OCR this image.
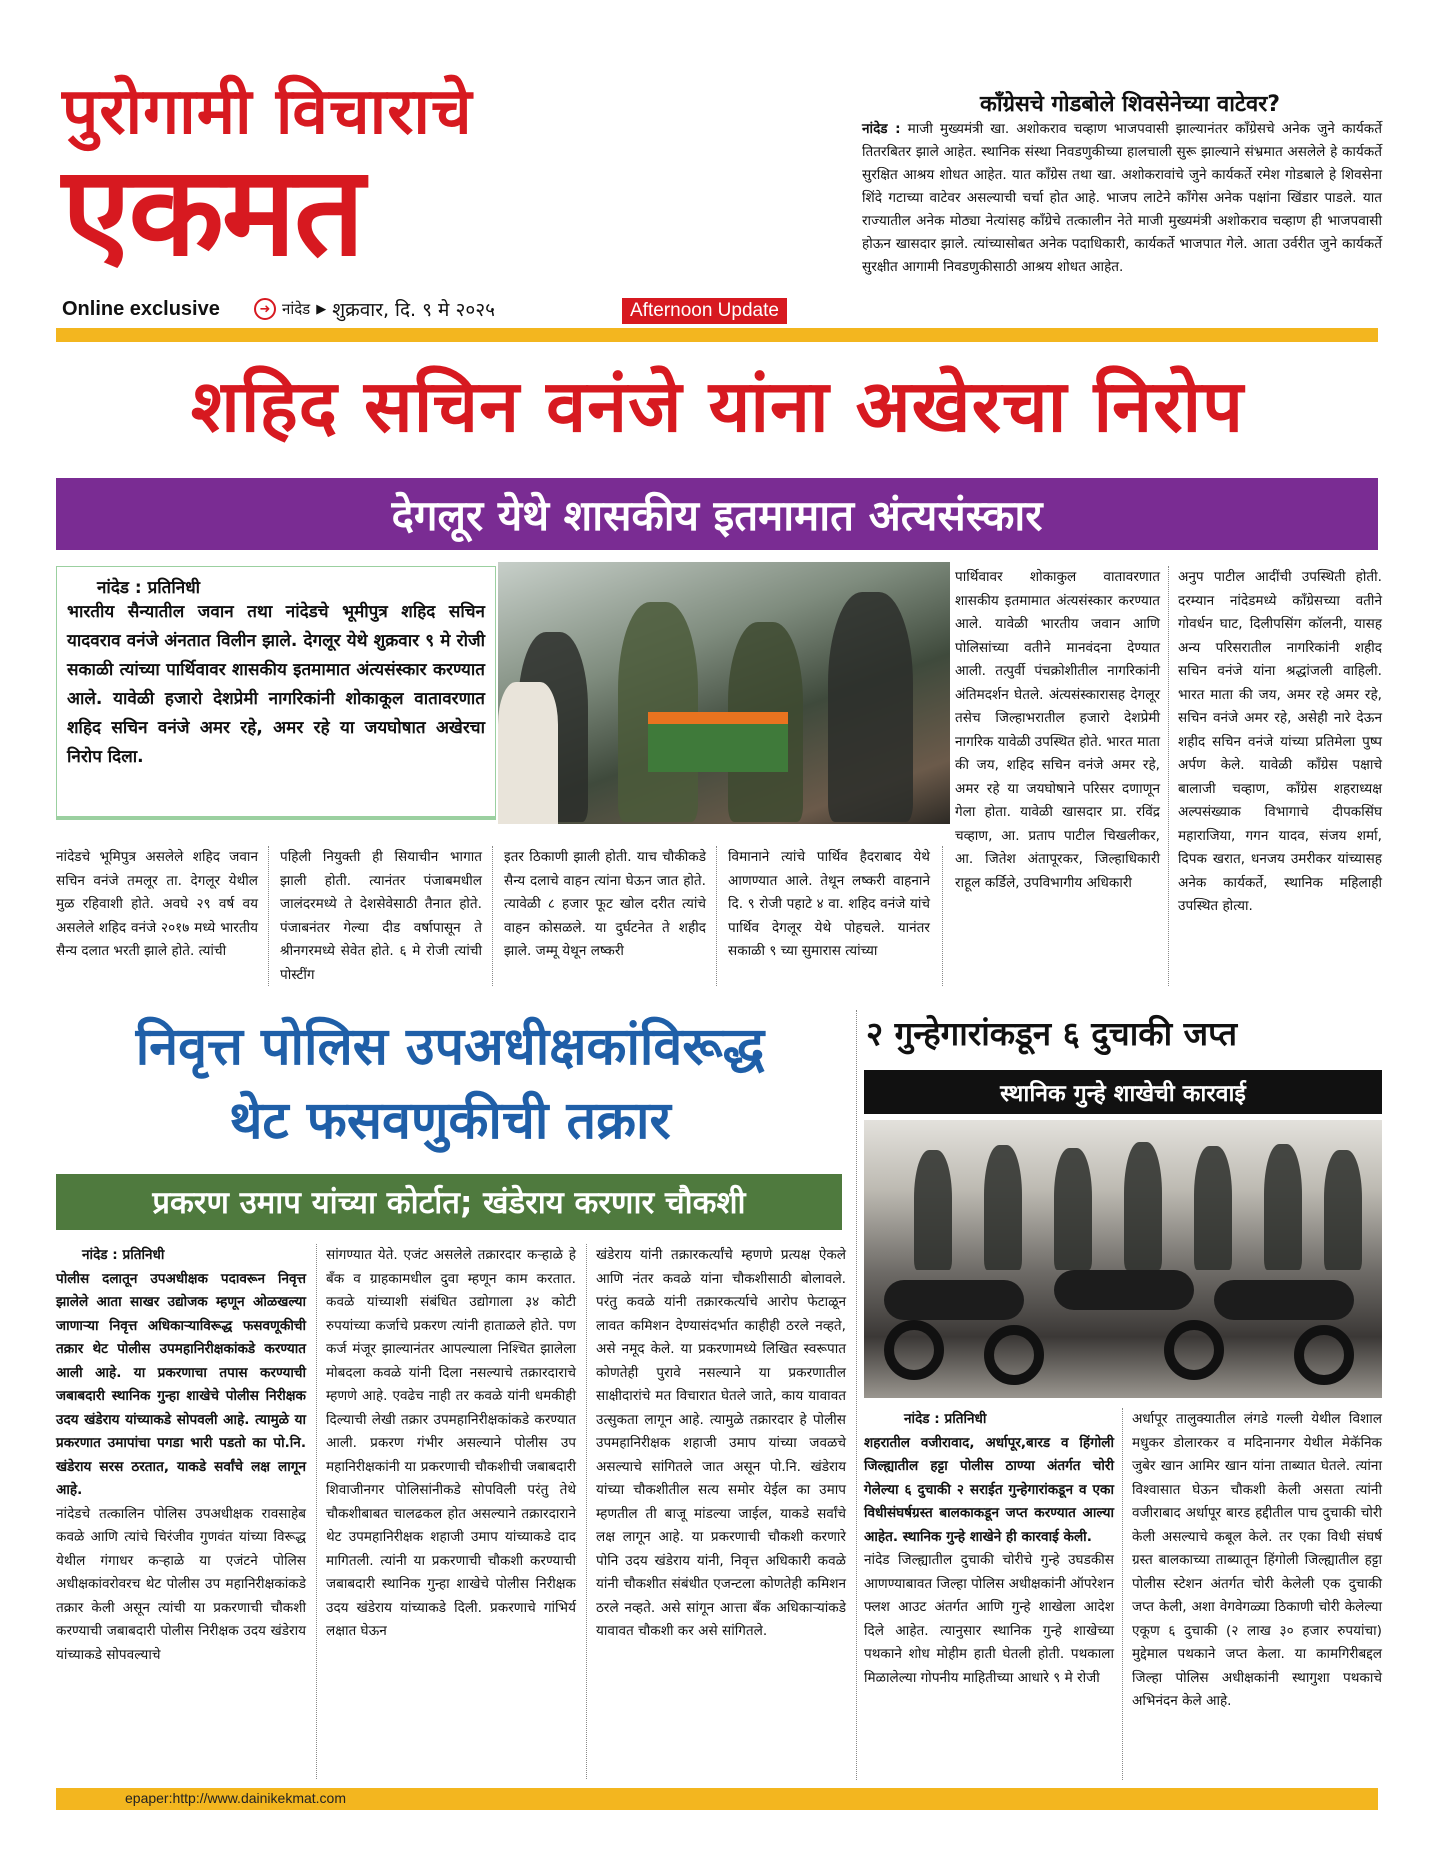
पुरोगामी विचाराचे
एकमत
Online exclusive	➜ नांदेड ▶ शुक्रवार, दि. ९ मे २०२५	Afternoon Update
काँग्रेसचे गोडबोले शिवसेनेच्या वाटेवर?
नांदेड : माजी मुख्यमंत्री खा. अशोकराव चव्हाण भाजपवासी झाल्यानंतर काँग्रेसचे अनेक जुने कार्यकर्ते तितरबितर झाले आहेत. स्थानिक संस्था निवडणुकीच्या हालचाली सुरू झाल्याने संभ्रमात असलेले हे कार्यकर्ते सुरक्षित आश्रय शोधत आहेत. यात काँग्रेस तथा खा. अशोकरावांचे जुने कार्यकर्ते रमेश गोडबाले हे शिवसेना शिंदे गटाच्या वाटेवर असल्याची चर्चा होत आहे. भाजप लाटेने काँगेस अनेक पक्षांना खिंडार पाडले. यात राज्यातील अनेक मोठ्या नेत्यांसह काँग्रेचे तत्कालीन नेते माजी मुख्यमंत्री अशोकराव चव्हाण ही भाजपवासी होऊन खासदार झाले. त्यांच्यासोबत अनेक पदाधिकारी, कार्यकर्ते भाजपात गेले. आता उर्वरीत जुने कार्यकर्ते सुरक्षीत आगामी निवडणुकीसाठी आश्रय शोधत आहेत.
शहिद सचिन वनंजे यांना अखेरचा निरोप
देगलूर येथे शासकीय इतमामात अंत्यसंस्कार
नांदेड : प्रतिनिधी
भारतीय सैन्यातील जवान तथा नांदेडचे भूमीपुत्र शहिद सचिन यादवराव वनंजे अंनतात विलीन झाले. देगलूर येथे शुक्रवार ९ मे रोजी सकाळी त्यांच्या पार्थिवावर शासकीय इतमामात अंत्यसंस्कार करण्यात आले. यावेळी हजारो देशप्रेमी नागरिकांनी शोकाकूल वातावरणात शहिद सचिन वनंजे अमर रहे, अमर रहे या जयघोषात अखेरचा निरोप दिला.
नांदेडचे भूमिपुत्र असलेले शहिद जवान सचिन वनंजे तमलूर ता. देगलूर येथील मुळ रहिवाशी होते. अवघे २९ वर्ष वय असलेले शहिद वनंजे २०१७ मध्ये भारतीय सैन्य दलात भरती झाले होते. त्यांची
पहिली नियुक्ती ही सियाचीन भागात झाली होती. त्यानंतर पंजाबमधील जालंदरमध्ये ते देशसेवेसाठी तैनात होते. पंजाबनंतर गेल्या दीड वर्षापासून ते श्रीनगरमध्ये सेवेत होते. ६ मे रोजी त्यांची पोस्टींग
इतर ठिकाणी झाली होती. याच चौकीकडे सैन्य दलाचे वाहन त्यांना घेऊन जात होते. त्यावेळी ८ हजार फूट खोल दरीत त्यांचे वाहन कोसळले. या दुर्घटनेत ते शहीद झाले. जम्मू येथून लष्करी
विमानाने त्यांचे पार्थिव हैदराबाद येथे आणण्यात आले. तेथून लष्करी वाहनाने दि. ९ रोजी पहाटे ४ वा. शहिद वनंजे यांचे पार्थिव देगलूर येथे पोहचले. यानंतर सकाळी ९ च्या सुमारास त्यांच्या
पार्थिवावर शोकाकुल वातावरणात शासकीय इतमामात अंत्यसंस्कार करण्यात आले. यावेळी भारतीय जवान आणि पोलिसांच्या वतीने मानवंदना देण्यात आली. तत्पुर्वी पंचक्रोशीतील नागरिकांनी अंतिमदर्शन घेतले. अंत्यसंस्कारासह देगलूर तसेच जिल्हाभरातील हजारो देशप्रेमी नागरिक यावेळी उपस्थित होते. भारत माता की जय, शहिद सचिन वनंजे अमर रहे, अमर रहे या जयघोषाने परिसर दणाणून गेला होता. यावेळी खासदार प्रा. रविंद्र चव्हाण, आ. प्रताप पाटील चिखलीकर, आ. जितेश अंतापूरकर, जिल्हाधिकारी राहूल कर्डिले, उपविभागीय अधिकारी
अनुप पाटील आदींची उपस्थिती होती. दरम्यान नांदेडमध्ये काँग्रेसच्या वतीने गोवर्धन घाट, दिलीपसिंग कॉलनी, यासह अन्य परिसरातील नागरिकांनी शहीद सचिन वनंजे यांना श्रद्धांजली वाहिली. भारत माता की जय, अमर रहे अमर रहे, सचिन वनंजे अमर रहे, असेही नारे देऊन शहीद सचिन वनंजे यांच्या प्रतिमेला पुष्प अर्पण केले. यावेळी काँग्रेस पक्षाचे बालाजी चव्हाण, काँग्रेस शहराध्यक्ष अल्पसंख्याक विभागाचे दीपकसिंघ महाराजिया, गगन यादव, संजय शर्मा, दिपक खरात, धनजय उमरीकर यांच्यासह अनेक कार्यकर्ते, स्थानिक महिलाही उपस्थित होत्या.
निवृत्त पोलिस उपअधीक्षकांविरूद्ध
थेट फसवणुकीची तक्रार
प्रकरण उमाप यांच्या कोर्टात; खंडेराय करणार चौकशी
नांदेड : प्रतिनिधी
पोलीस दलातून उपअधीक्षक पदावरून निवृत्त झालेले आता साखर उद्योजक म्हणून ओळखल्या जाणाऱ्या निवृत्त अधिकाऱ्याविरूद्ध फसवणूकीची तक्रार थेट पोलीस उपमहानिरीक्षकांकडे करण्यात आली आहे. या प्रकरणाचा तपास करण्याची जबाबदारी स्थानिक गुन्हा शाखेचे पोलीस निरीक्षक उदय खंडेराय यांच्याकडे सोपवली आहे. त्यामुळे या प्रकरणात उमापांचा पगडा भारी पडतो का पो.नि. खंडेराय सरस ठरतात, याकडे सर्वांचे लक्ष लागून आहे.
नांदेडचे तत्कालिन पोलिस उपअधीक्षक रावसाहेब कवळे आणि त्यांचे चिरंजीव गुणवंत यांच्या विरूद्ध येथील गंगाधर कऱ्हाळे या एजंटने पोलिस अधीक्षकांवरोवरच थेट पोलीस उप महानिरीक्षकांकडे तक्रार केली असून त्यांची या प्रकरणाची चौकशी करण्याची जबाबदारी पोलीस निरीक्षक उदय खंडेराय यांच्याकडे सोपवल्याचे
सांगण्यात येते. एजंट असलेले तक्रारदार कऱ्हाळे हे बँक व ग्राहकामधील दुवा म्हणून काम करतात. कवळे यांच्याशी संबंधित उद्योगाला ३४ कोटी रुपयांच्या कर्जाचे प्रकरण त्यांनी हाताळले होते. पण कर्ज मंजूर झाल्यानंतर आपल्याला निश्चित झालेला मोबदला कवळे यांनी दिला नसल्याचे तक्रारदाराचे म्हणणे आहे. एवढेच नाही तर कवळे यांनी धमकीही दिल्याची लेखी तक्रार उपमहानिरीक्षकांकडे करण्यात आली. प्रकरण गंभीर असल्याने पोलीस उप महानिरीक्षकांनी या प्रकरणाची चौकशीची जबाबदारी शिवाजीनगर पोलिसांनीकडे सोपविली परंतु तेथे चौकशीबाबत चालढकल होत असल्याने तक्रारदाराने थेट उपमहानिरीक्षक शहाजी उमाप यांच्याकडे दाद मागितली. त्यांनी या प्रकरणाची चौकशी करण्याची जबाबदारी स्थानिक गुन्हा शाखेचे पोलीस निरीक्षक उदय खंडेराय यांच्याकडे दिली. प्रकरणाचे गांभिर्य लक्षात घेऊन
खंडेराय यांनी तक्रारकर्त्यांचे म्हणणे प्रत्यक्ष ऐकले आणि नंतर कवळे यांना चौकशीसाठी बोलावले. परंतु कवळे यांनी तक्रारकर्त्याचे आरोप फेटाळून लावत कमिशन देण्यासंदर्भात काहीही ठरले नव्हते, असे नमूद केले. या प्रकरणामध्ये लिखित स्वरूपात कोणतेही पुरावे नसल्याने या प्रकरणातील साक्षीदारांचे मत विचारात घेतले जाते, काय यावावत उत्सुकता लागून आहे. त्यामुळे तक्रारदार हे पोलीस उपमहानिरीक्षक शहाजी उमाप यांच्या जवळचे असल्याचे सांगितले जात असून पो.नि. खंडेराय यांच्या चौकशीतील सत्य समोर येईल का उमाप म्हणतील ती बाजू मांडल्या जाईल, याकडे सर्वांचे लक्ष लागून आहे. या प्रकरणाची चौकशी करणारे पोनि उदय खंडेराय यांनी, निवृत्त अधिकारी कवळे यांनी चौकशीत संबंधीत एजन्टला कोणतेही कमिशन ठरले नव्हते. असे सांगून आत्ता बँक अधिकाऱ्यांकडे यावावत चौकशी कर असे सांगितले.
२ गुन्हेगारांकडून ६ दुचाकी जप्त
स्थानिक गुन्हे शाखेची कारवाई
नांदेड : प्रतिनिधी
शहरातील वजीरावाद, अर्धापूर,बारड व हिंगोली जिल्ह्यातील हट्टा पोलीस ठाण्या अंतर्गत चोरी गेलेल्या ६ दुचाकी २ सराईत गुन्हेगारांकडून व एका विधीसंघर्षग्रस्त बालकाकडून जप्त करण्यात आल्या आहेत. स्थानिक गुन्हे शाखेने ही कारवाई केली.
नांदेड जिल्ह्यातील दुचाकी चोरीचे गुन्हे उघडकीस आणण्याबावत जिल्हा पोलिस अधीक्षकांनी ऑपरेशन फ्लश आउट अंतर्गत आणि गुन्हे शाखेला आदेश दिले आहेत. त्यानुसार स्थानिक गुन्हे शाखेच्या पथकाने शोध मोहीम हाती घेतली होती. पथकाला मिळालेल्या गोपनीय माहितीच्या आधारे ९ मे रोजी
अर्धापूर तालुक्यातील लंगडे गल्ली येथील विशाल मधुकर डोलारकर व मदिनानगर येथील मेकॅनिक जुबेर खान आमिर खान यांना ताब्यात घेतले. त्यांना विश्वासात घेऊन चौकशी केली असता त्यांनी वजीराबाद अर्धापूर बारड हद्दीतील पाच दुचाकी चोरी केली असल्याचे कबूल केले. तर एका विधी संघर्ष ग्रस्त बालकाच्या ताब्यातून हिंगोली जिल्ह्यातील हट्टा पोलीस स्टेशन अंतर्गत चोरी केलेली एक दुचाकी जप्त केली, अशा वेगवेगळ्या ठिकाणी चोरी केलेल्या एकूण ६ दुचाकी (२ लाख ३० हजार रुपयांचा) मुद्देमाल पथकाने जप्त केला. या कामगिरीबद्दल जिल्हा पोलिस अधीक्षकांनी स्थागुशा पथकाचे अभिनंदन केले आहे.
epaper:http://www.dainikekmat.com
